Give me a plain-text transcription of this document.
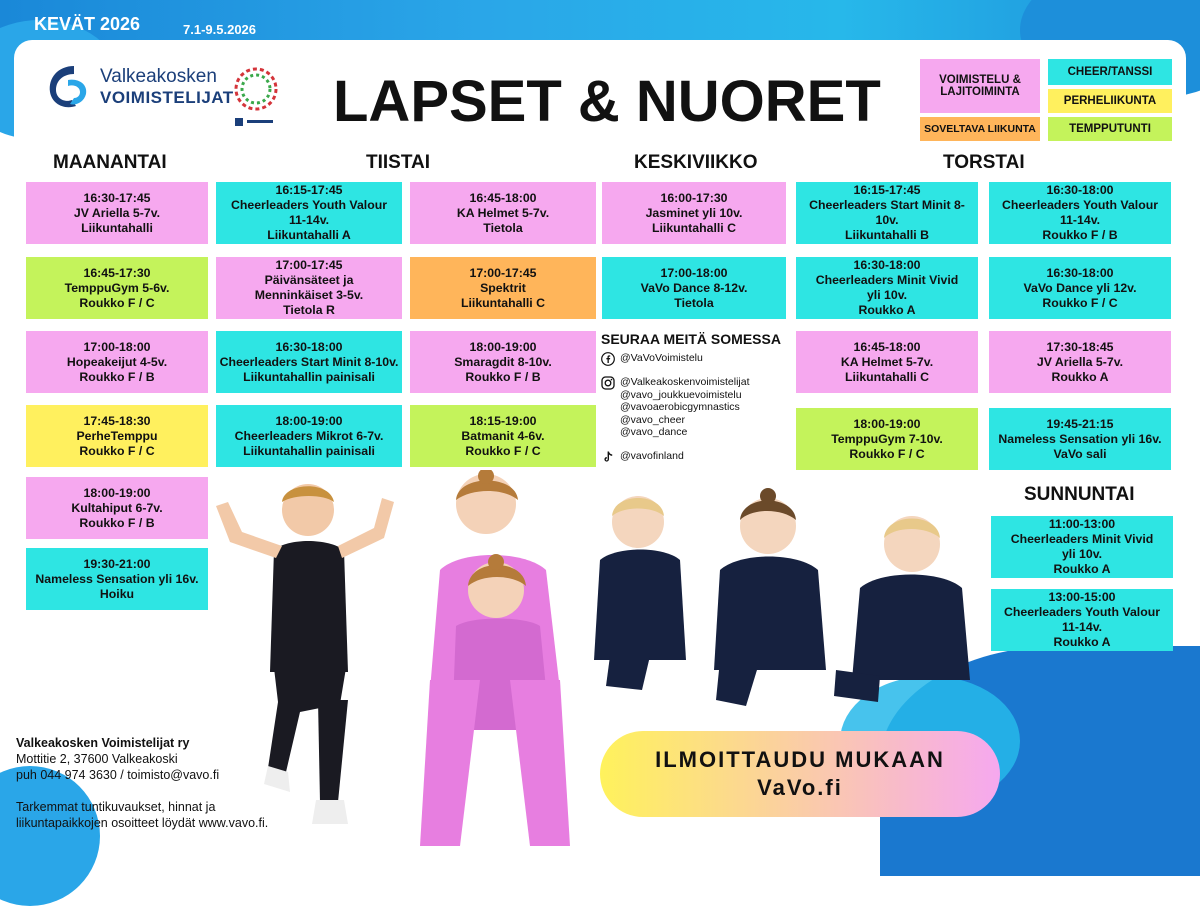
KEVÄT 2026	7.1-9.5.2026
Valkeakosken
VOIMISTELIJAT LAPSET & NUORET	VOIMISTELU & LAJITOIMINTA
CHEER/TANSSI
PERHELIIKUNTA
SOVELTAVA LIIKUNTA	TEMPPUTUNTI
MAANANTAI	TIISTAI	KESKIVIIKKO	TORSTAI
SUNNUNTAI
16:30-17:45
JV Ariella 5-7v.
Liikuntahalli
16:45-17:30
TemppuGym 5-6v.
Roukko F / C
17:00-18:00
Hopeakeijut 4-5v.
Roukko F / B
17:45-18:30
PerheTemppu
Roukko F / C
18:00-19:00
Kultahiput 6-7v.
Roukko F / B
19:30-21:00
Nameless Sensation yli 16v.
Hoiku
16:15-17:45
Cheerleaders Youth Valour
11-14v.
Liikuntahalli A
17:00-17:45
Päivänsäteet ja
Menninkäiset 3-5v.
Tietola R
16:30-18:00
Cheerleaders Start Minit 8-10v.
Liikuntahallin painisali
18:00-19:00
Cheerleaders Mikrot 6-7v.
Liikuntahallin painisali
16:45-18:00
KA Helmet 5-7v.
Tietola
17:00-17:45
Spektrit
Liikuntahalli C
18:00-19:00
Smaragdit 8-10v.
Roukko F / B
18:15-19:00
Batmanit 4-6v.
Roukko F / C
16:00-17:30
Jasminet yli 10v.
Liikuntahalli C
17:00-18:00
VaVo Dance 8-12v.
Tietola
SEURAA MEITÄ SOMESSA
@VaVoVoimistelu
@Valkeakoskenvoimistelijat
@vavo_joukkuevoimistelu
@vavoaerobicgymnastics
@vavo_cheer
@vavo_dance
@vavofinland
16:15-17:45
Cheerleaders Start Minit 8-10v.
Liikuntahalli B
16:30-18:00
Cheerleaders Minit Vivid
yli 10v.
Roukko A
16:45-18:00
KA Helmet 5-7v.
Liikuntahalli C
18:00-19:00
TemppuGym 7-10v.
Roukko F / C
16:30-18:00
Cheerleaders Youth Valour
11-14v.
Roukko F / B
16:30-18:00
VaVo Dance yli 12v.
Roukko F / C
17:30-18:45
JV Ariella 5-7v.
Roukko A
19:45-21:15
Nameless Sensation yli 16v.
VaVo sali
11:00-13:00
Cheerleaders Minit Vivid
yli 10v.
Roukko A
13:00-15:00
Cheerleaders Youth Valour
11-14v.
Roukko A
Valkeakosken Voimistelijat ry
Mottitie 2, 37600 Valkeakoski
puh 044 974 3630 / toimisto@vavo.fi
Tarkemmat tuntikuvaukset, hinnat ja
liikuntapaikkojen osoitteet löydät www.vavo.fi.
ILMOITTAUDU MUKAAN
VaVo.fi
